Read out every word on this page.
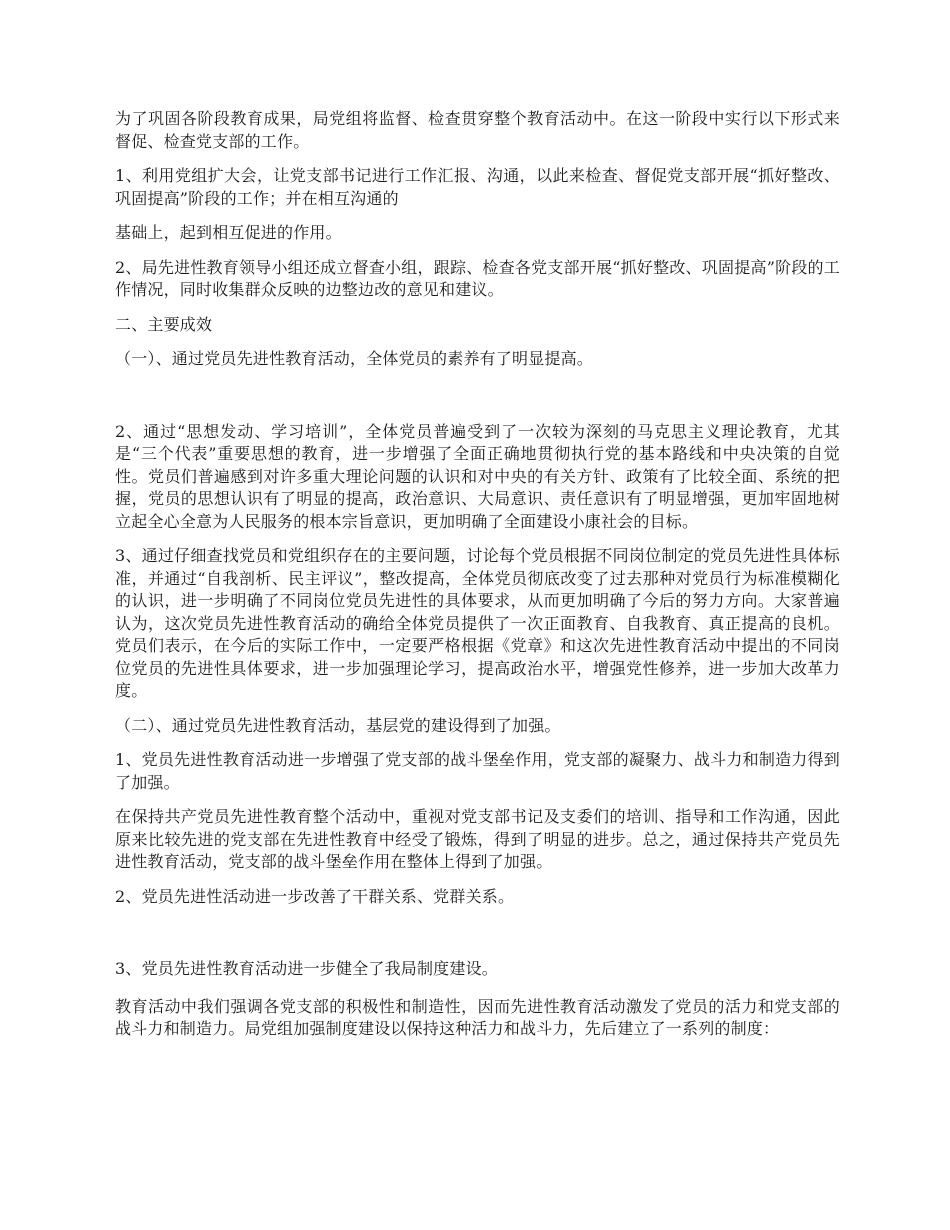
为了巩固各阶段教育成果，局党组将监督、检查贯穿整个教育活动中。在这一阶段中实行以下形式来督促、检查党支部的工作。

1、利用党组扩大会，让党支部书记进行工作汇报、沟通，以此来检查、督促党支部开展“抓好整改、巩固提高”阶段的工作；并在相互沟通的

基础上，起到相互促进的作用。

2、局先进性教育领导小组还成立督查小组，跟踪、检查各党支部开展“抓好整改、巩固提高”阶段的工作情况，同时收集群众反映的边整边改的意见和建议。

二、主要成效

（一）、通过党员先进性教育活动，全体党员的素养有了明显提高。

2、通过“思想发动、学习培训”，全体党员普遍受到了一次较为深刻的马克思主义理论教育，尤其是“三个代表”重要思想的教育，进一步增强了全面正确地贯彻执行党的基本路线和中央决策的自觉性。党员们普遍感到对许多重大理论问题的认识和对中央的有关方针、政策有了比较全面、系统的把握，党员的思想认识有了明显的提高，政治意识、大局意识、责任意识有了明显增强，更加牢固地树立起全心全意为人民服务的根本宗旨意识，更加明确了全面建设小康社会的目标。

3、通过仔细查找党员和党组织存在的主要问题，讨论每个党员根据不同岗位制定的党员先进性具体标准，并通过“自我剖析、民主评议”，整改提高，全体党员彻底改变了过去那种对党员行为标准模糊化的认识，进一步明确了不同岗位党员先进性的具体要求，从而更加明确了今后的努力方向。大家普遍认为，这次党员先进性教育活动的确给全体党员提供了一次正面教育、自我教育、真正提高的良机。党员们表示，在今后的实际工作中，一定要严格根据《党章》和这次先进性教育活动中提出的不同岗位党员的先进性具体要求，进一步加强理论学习，提高政治水平，增强党性修养，进一步加大改革力度。

（二）、通过党员先进性教育活动，基层党的建设得到了加强。

1、党员先进性教育活动进一步增强了党支部的战斗堡垒作用，党支部的凝聚力、战斗力和制造力得到了加强。

在保持共产党员先进性教育整个活动中，重视对党支部书记及支委们的培训、指导和工作沟通，因此原来比较先进的党支部在先进性教育中经受了锻炼，得到了明显的进步。总之，通过保持共产党员先进性教育活动，党支部的战斗堡垒作用在整体上得到了加强。

2、党员先进性活动进一步改善了干群关系、党群关系。

3、党员先进性教育活动进一步健全了我局制度建设。

教育活动中我们强调各党支部的积极性和制造性，因而先进性教育活动激发了党员的活力和党支部的战斗力和制造力。局党组加强制度建设以保持这种活力和战斗力，先后建立了一系列的制度：
